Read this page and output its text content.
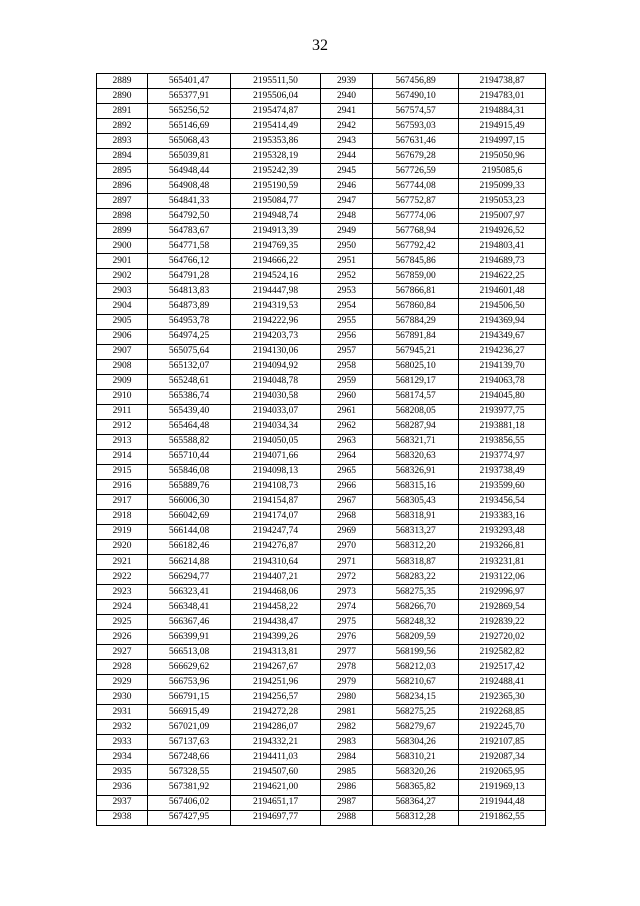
32
2889	565401,47	2195511,50	2939	567456,89	2194738,87
2890	565377,91	2195506,04	2940	567490,10	2194783,01
2891	565256,52	2195474,87	2941	567574,57	2194884,31
2892	565146,69	2195414,49	2942	567593,03	2194915,49
2893	565068,43	2195353,86	2943	567631,46	2194997,15
2894	565039,81	2195328,19	2944	567679,28	2195050,96
2895	564948,44	2195242,39	2945	567726,59	2195085,6
2896	564908,48	2195190,59	2946	567744,08	2195099,33
2897	564841,33	2195084,77	2947	567752,87	2195053,23
2898	564792,50	2194948,74	2948	567774,06	2195007,97
2899	564783,67	2194913,39	2949	567768,94	2194926,52
2900	564771,58	2194769,35	2950	567792,42	2194803,41
2901	564766,12	2194666,22	2951	567845,86	2194689,73
2902	564791,28	2194524,16	2952	567859,00	2194622,25
2903	564813,83	2194447,98	2953	567866,81	2194601,48
2904	564873,89	2194319,53	2954	567860,84	2194506,50
2905	564953,78	2194222,96	2955	567884,29	2194369,94
2906	564974,25	2194203,73	2956	567891,84	2194349,67
2907	565075,64	2194130,06	2957	567945,21	2194236,27
2908	565132,07	2194094,92	2958	568025,10	2194139,70
2909	565248,61	2194048,78	2959	568129,17	2194063,78
2910	565386,74	2194030,58	2960	568174,57	2194045,80
2911	565439,40	2194033,07	2961	568208,05	2193977,75
2912	565464,48	2194034,34	2962	568287,94	2193881,18
2913	565588,82	2194050,05	2963	568321,71	2193856,55
2914	565710,44	2194071,66	2964	568320,63	2193774,97
2915	565846,08	2194098,13	2965	568326,91	2193738,49
2916	565889,76	2194108,73	2966	568315,16	2193599,60
2917	566006,30	2194154,87	2967	568305,43	2193456,54
2918	566042,69	2194174,07	2968	568318,91	2193383,16
2919	566144,08	2194247,74	2969	568313,27	2193293,48
2920	566182,46	2194276,87	2970	568312,20	2193266,81
2921	566214,88	2194310,64	2971	568318,87	2193231,81
2922	566294,77	2194407,21	2972	568283,22	2193122,06
2923	566323,41	2194468,06	2973	568275,35	2192996,97
2924	566348,41	2194458,22	2974	568266,70	2192869,54
2925	566367,46	2194438,47	2975	568248,32	2192839,22
2926	566399,91	2194399,26	2976	568209,59	2192720,02
2927	566513,08	2194313,81	2977	568199,56	2192582,82
2928	566629,62	2194267,67	2978	568212,03	2192517,42
2929	566753,96	2194251,96	2979	568210,67	2192488,41
2930	566791,15	2194256,57	2980	568234,15	2192365,30
2931	566915,49	2194272,28	2981	568275,25	2192268,85
2932	567021,09	2194286,07	2982	568279,67	2192245,70
2933	567137,63	2194332,21	2983	568304,26	2192107,85
2934	567248,66	2194411,03	2984	568310,21	2192087,34
2935	567328,55	2194507,60	2985	568320,26	2192065,95
2936	567381,92	2194621,00	2986	568365,82	2191969,13
2937	567406,02	2194651,17	2987	568364,27	2191944,48
2938	567427,95	2194697,77	2988	568312,28	2191862,55
